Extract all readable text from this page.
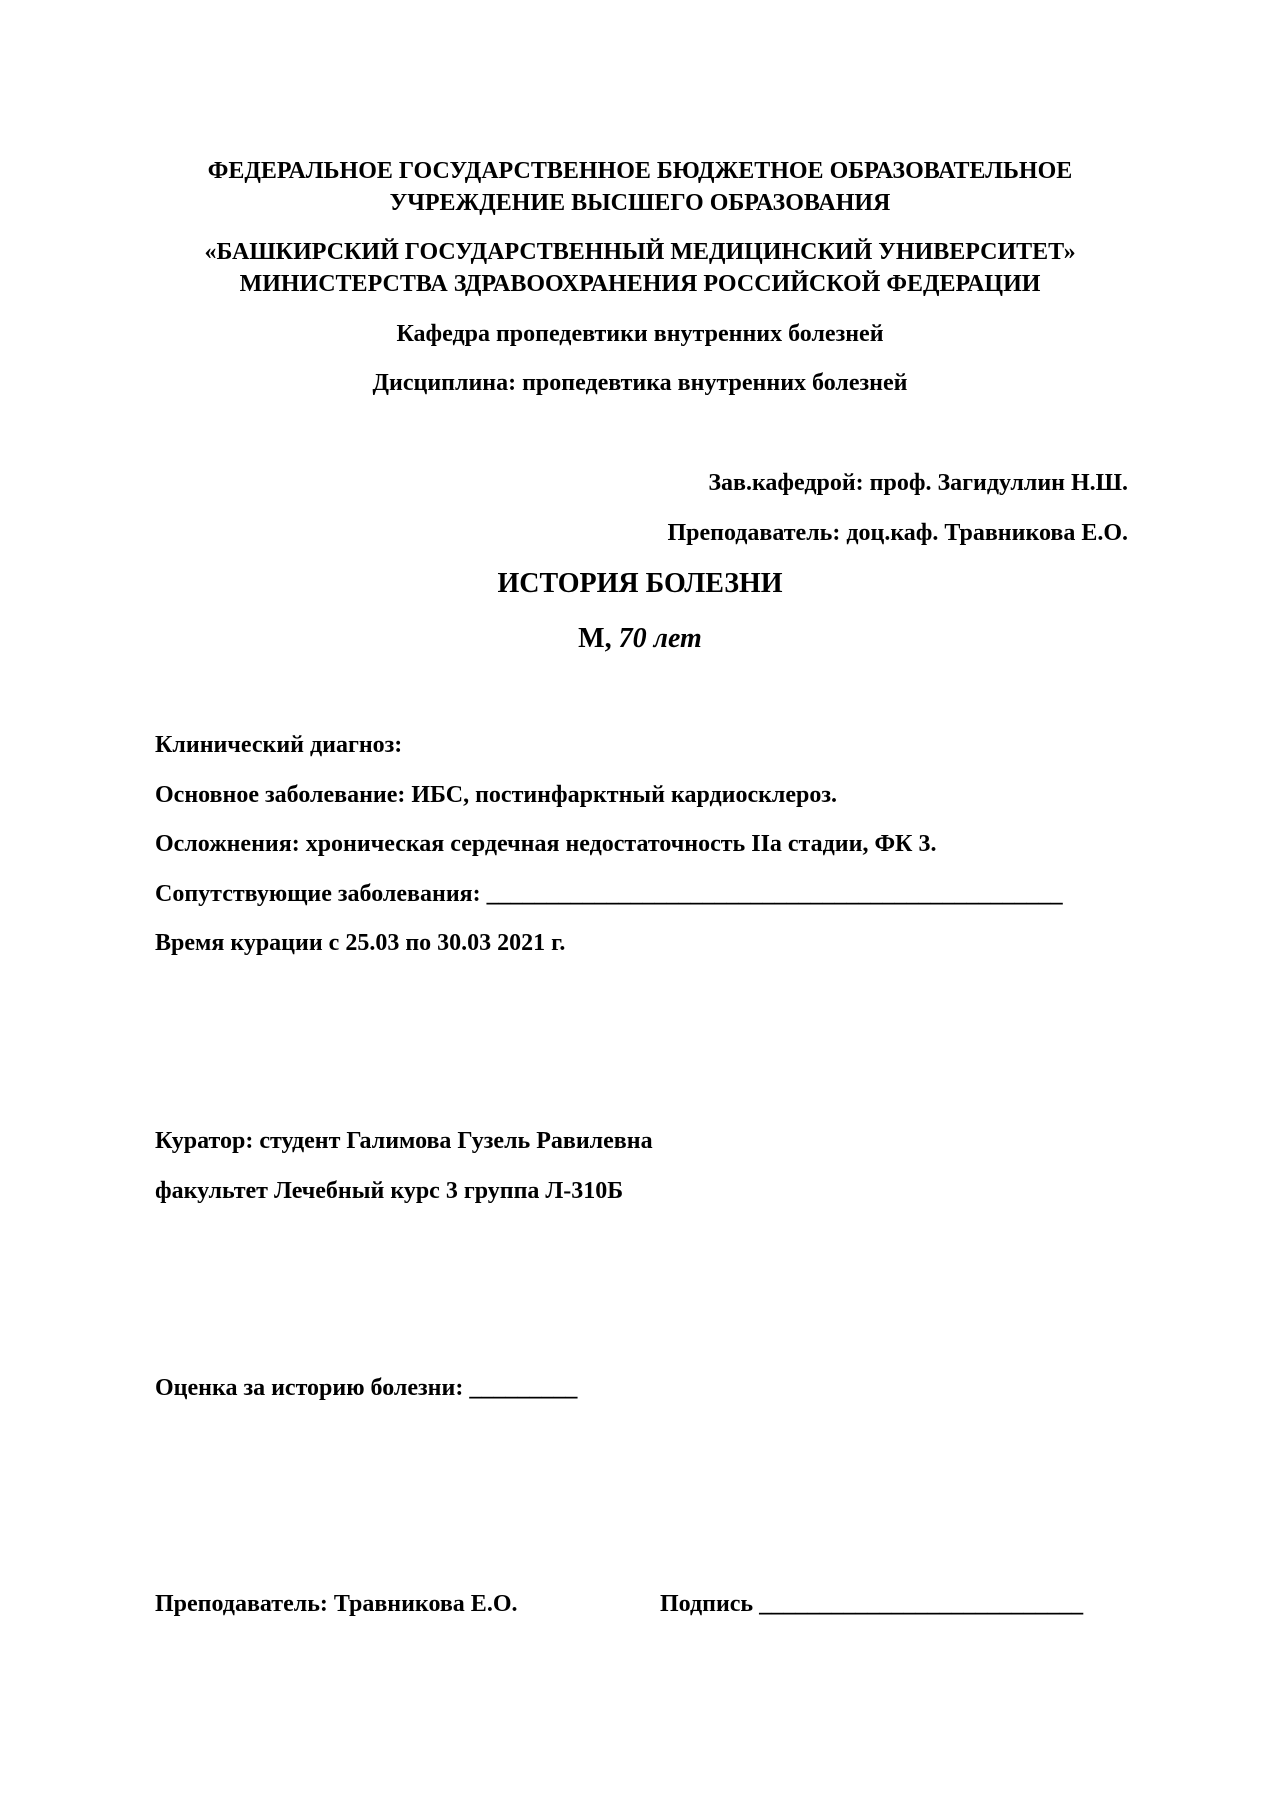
ФЕДЕРАЛЬНОЕ ГОСУДАРСТВЕННОЕ БЮДЖЕТНОЕ ОБРАЗОВАТЕЛЬНОЕ
УЧРЕЖДЕНИЕ ВЫСШЕГО ОБРАЗОВАНИЯ
«БАШКИРСКИЙ ГОСУДАРСТВЕННЫЙ МЕДИЦИНСКИЙ УНИВЕРСИТЕТ»
МИНИСТЕРСТВА ЗДРАВООХРАНЕНИЯ РОССИЙСКОЙ ФЕДЕРАЦИИ
Кафедра пропедевтики внутренних болезней
Дисциплина: пропедевтика внутренних болезней
Зав.кафедрой: проф. Загидуллин Н.Ш.
Преподаватель: доц.каф. Травникова Е.О.
ИСТОРИЯ БОЛЕЗНИ
М, 70 лет
Клинический диагноз:
Основное заболевание: ИБС, постинфарктный кардиосклероз.
Осложнения: хроническая сердечная недостаточность IIa стадии, ФК 3.
Сопутствующие заболевания: ________________________________________________
Время курации с 25.03 по 30.03 2021 г.
Куратор: студент Галимова Гузель Равилевна
факультет Лечебный курс 3 группа Л-310Б
Оценка за историю болезни: _________
Преподаватель: Травникова Е.О.	Подпись ___________________________
